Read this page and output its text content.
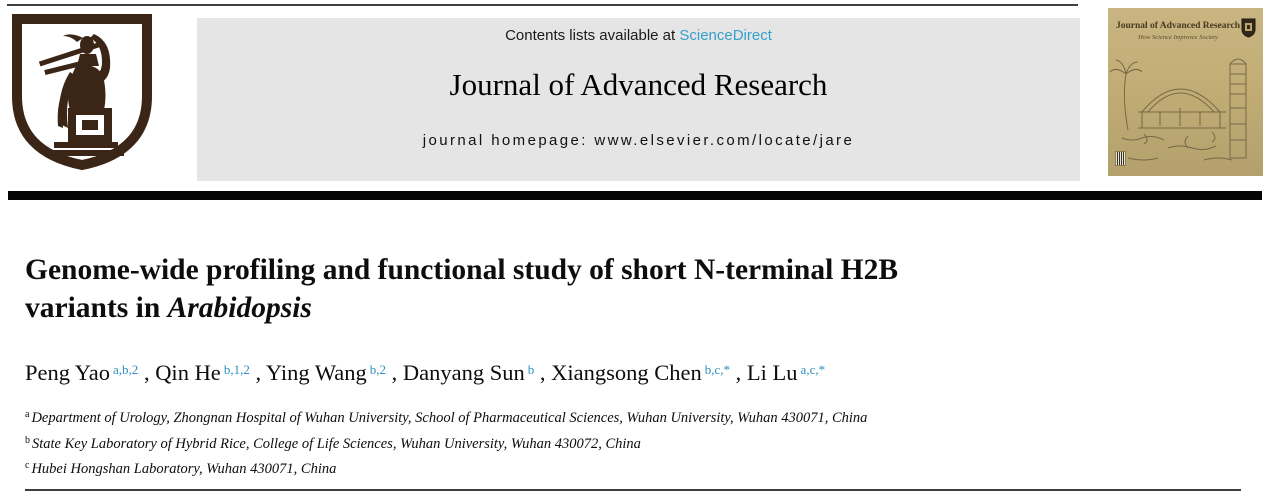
Contents lists available at ScienceDirect
Journal of Advanced Research
journal homepage: www.elsevier.com/locate/jare
Journal of Advanced Research
How Science Improves Society
Genome-wide profiling and functional study of short N-terminal H2B
variants in Arabidopsis
Peng Yao $^{a,b,2}$ , Qin He $^{b,1,2}$ , Ying Wang $^{b,2}$ , Danyang Sun $^b$ , Xiangsong Chen $^{b,c,*}$ , Li Lu $^{a,c,*}$
$^a$ Department of Urology, Zhongnan Hospital of Wuhan University, School of Pharmaceutical Sciences, Wuhan University, Wuhan 430071, China
$^b$ State Key Laboratory of Hybrid Rice, College of Life Sciences, Wuhan University, Wuhan 430072, China
$^c$ Hubei Hongshan Laboratory, Wuhan 430071, China
